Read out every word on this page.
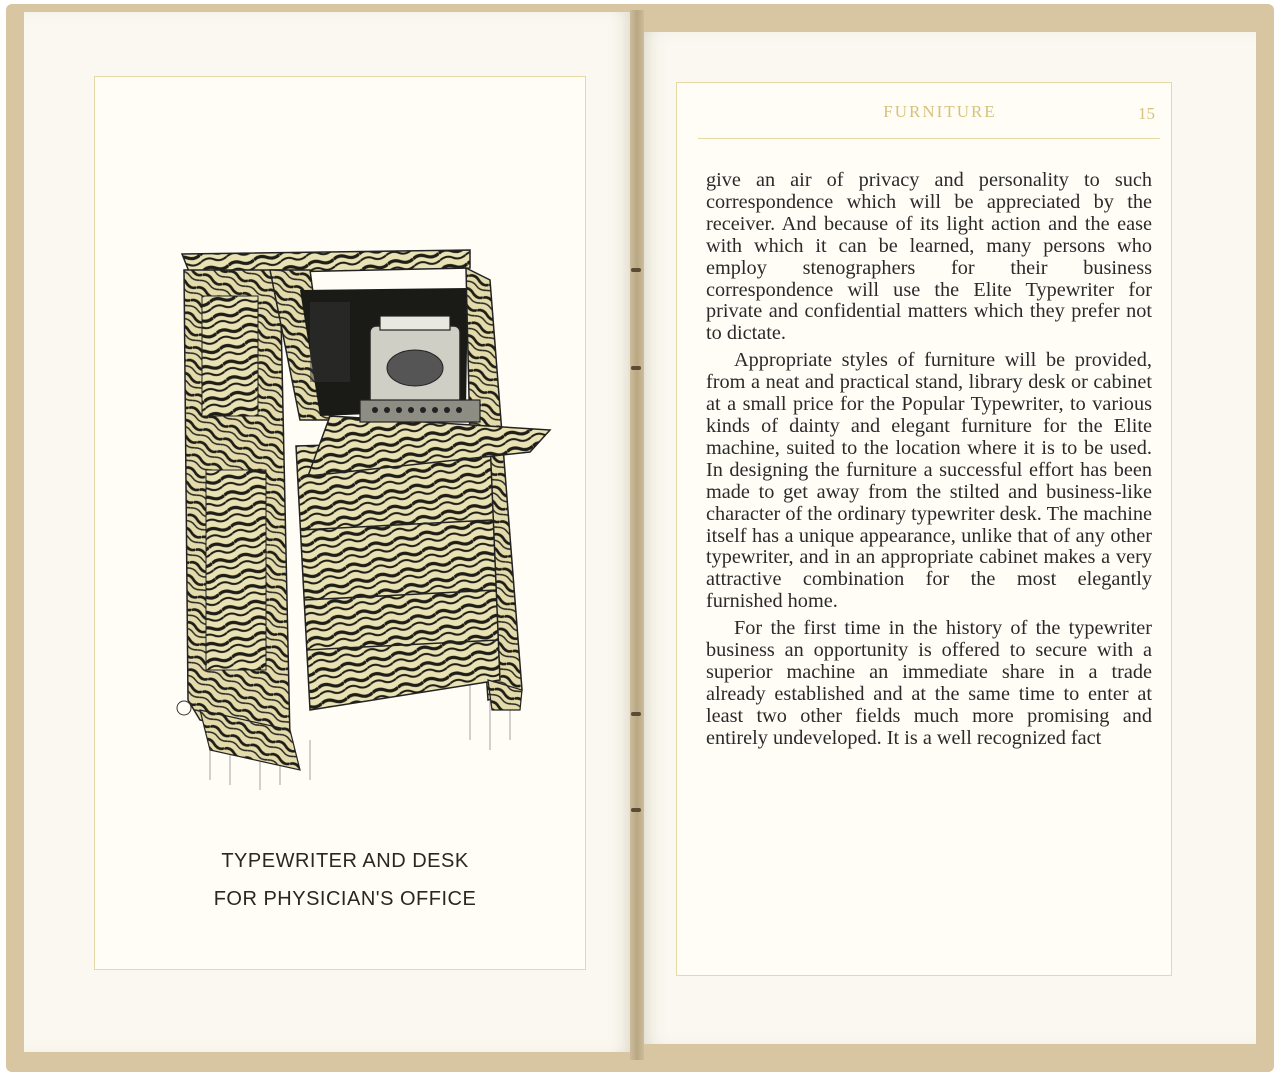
TYPEWRITER AND DESK
FOR PHYSICIAN'S OFFICE
FURNITURE	15

give an air of privacy and personality to such correspondence which will be appreciated by the receiver. And because of its light action and the ease with which it can be learned, many persons who employ stenographers for their business correspondence will use the Elite Typewriter for private and confidential matters which they prefer not to dictate.

Appropriate styles of furniture will be provided, from a neat and practical stand, library desk or cabinet at a small price for the Popular Typewriter, to various kinds of dainty and elegant furniture for the Elite machine, suited to the location where it is to be used. In designing the furniture a successful effort has been made to get away from the stilted and business-like character of the ordinary typewriter desk. The machine itself has a unique appearance, unlike that of any other typewriter, and in an appropriate cabinet makes a very attractive combination for the most elegantly furnished home.

For the first time in the history of the typewriter business an opportunity is offered to secure with a superior machine an immediate share in a trade already established and at the same time to enter at least two other fields much more promising and entirely undeveloped. It is a well recognized fact
